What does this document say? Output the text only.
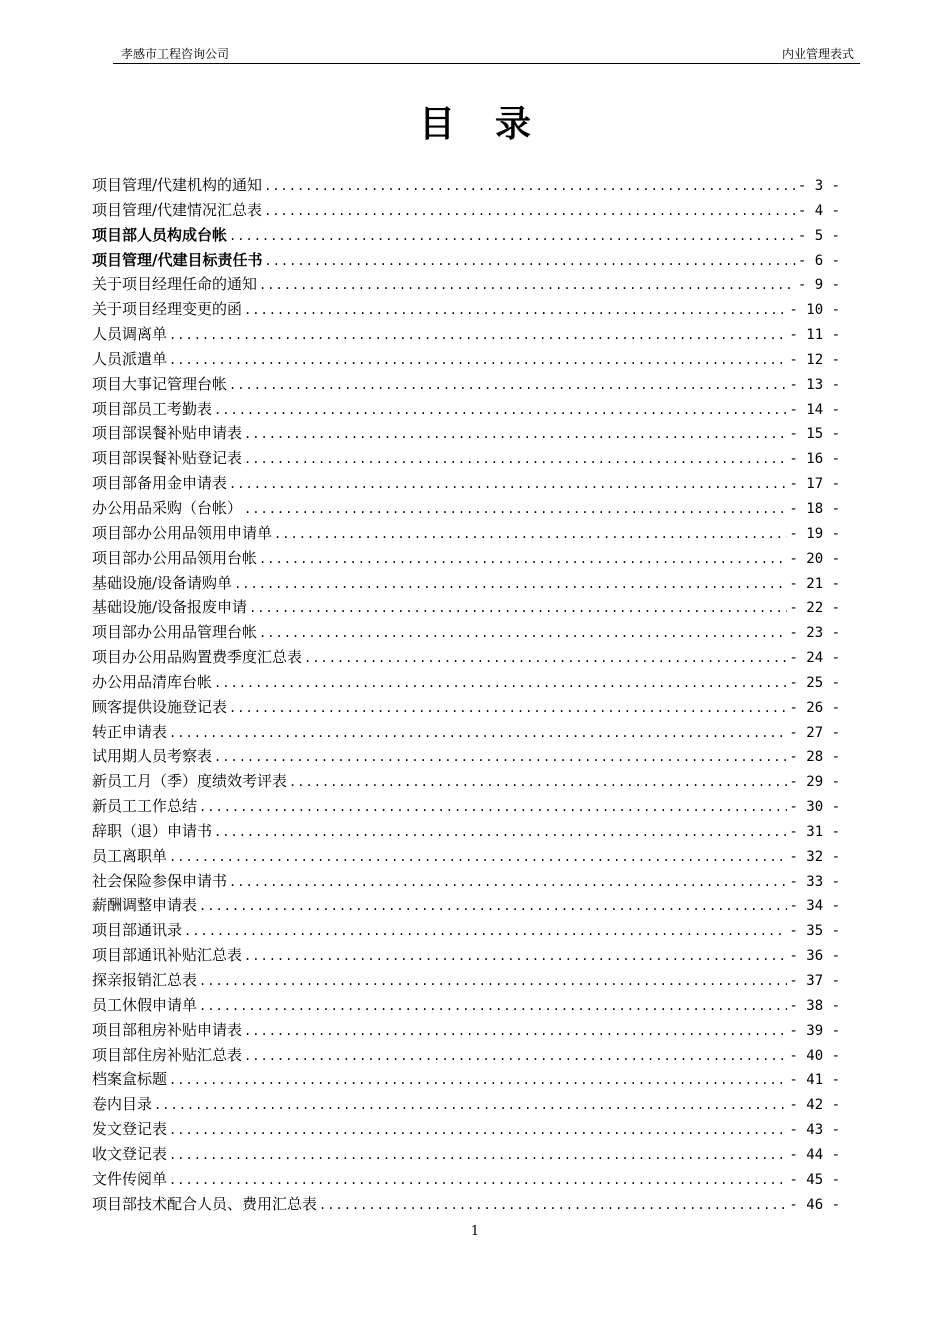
孝感市工程咨询公司	内业管理表式
目录
项目管理/代建机构的通知 .....	- 3 -
项目管理/代建情况汇总表 .....	- 4 -
项目部人员构成台帐 .....	- 5 -
项目管理/代建目标责任书 .....	- 6 -
关于项目经理任命的通知 .....	- 9 -
关于项目经理变更的函 .....	- 10 -
人员调离单 .....	- 11 -
人员派遣单 .....	- 12 -
项目大事记管理台帐 .....	- 13 -
项目部员工考勤表 .....	- 14 -
项目部误餐补贴申请表 .....	- 15 -
项目部误餐补贴登记表 .....	- 16 -
项目部备用金申请表 .....	- 17 -
办公用品采购（台帐） .....	- 18 -
项目部办公用品领用申请单 .....	- 19 -
项目部办公用品领用台帐 .....	- 20 -
基础设施/设备请购单 .....	- 21 -
基础设施/设备报废申请 .....	- 22 -
项目部办公用品管理台帐 .....	- 23 -
项目办公用品购置费季度汇总表 .....	- 24 -
办公用品清库台帐 .....	- 25 -
顾客提供设施登记表 .....	- 26 -
转正申请表 .....	- 27 -
试用期人员考察表 .....	- 28 -
新员工月（季）度绩效考评表 .....	- 29 -
新员工工作总结 .....	- 30 -
辞职（退）申请书 .....	- 31 -
员工离职单 .....	- 32 -
社会保险参保申请书 .....	- 33 -
薪酬调整申请表 .....	- 34 -
项目部通讯录 .....	- 35 -
项目部通讯补贴汇总表 .....	- 36 -
探亲报销汇总表 .....	- 37 -
员工休假申请单 .....	- 38 -
项目部租房补贴申请表 .....	- 39 -
项目部住房补贴汇总表 .....	- 40 -
档案盒标题 .....	- 41 -
卷内目录 .....	- 42 -
发文登记表 .....	- 43 -
收文登记表 .....	- 44 -
文件传阅单 .....	- 45 -
项目部技术配合人员、费用汇总表 .....	- 46 -
1
